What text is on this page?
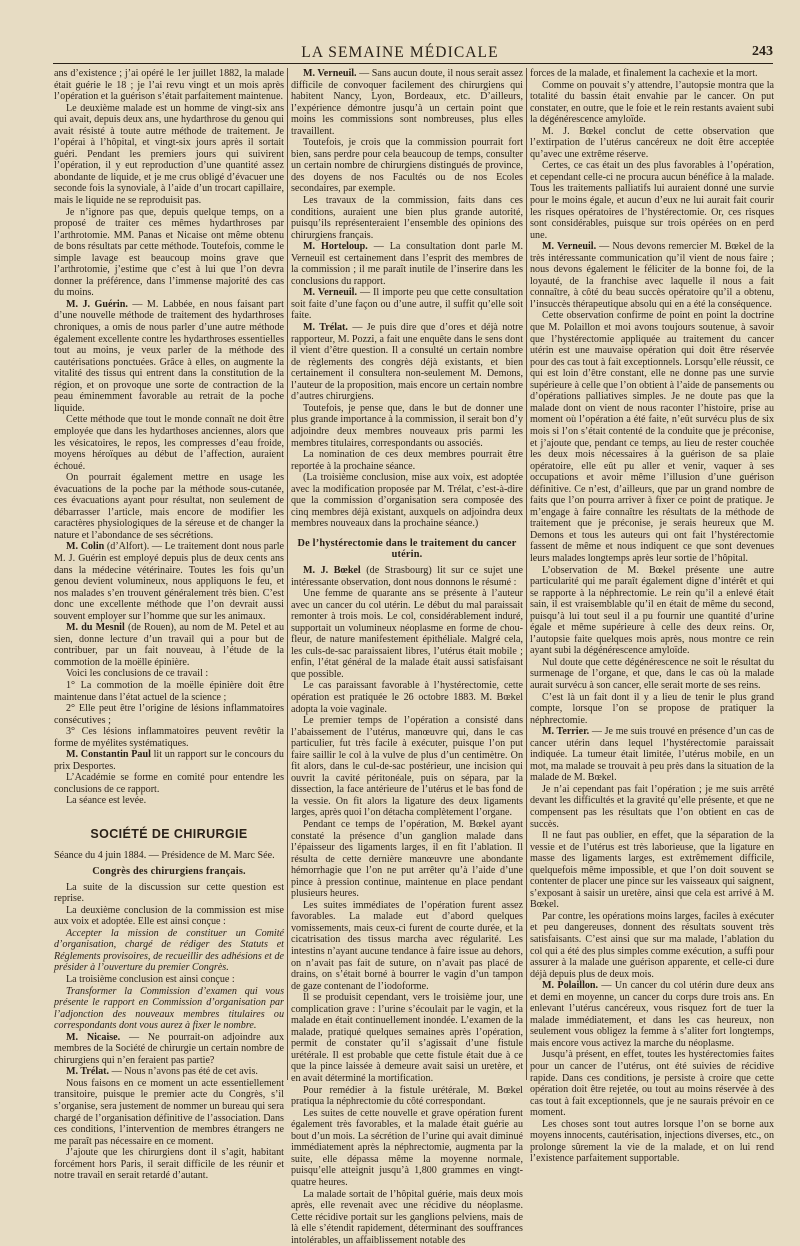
LA SEMAINE MÉDICALE	243

ans d’existence ; j’ai opéré le 1er juillet 1882, la malade était guérie le 18 ; je l’ai revu vingt et un mois après l’opération et la guérison s’était parfaitement maintenue.

Le deuxième malade est un homme de vingt-six ans qui avait, depuis deux ans, une hydarthrose du genou qui avait résisté à toute autre méthode de traitement. Je l’opérai à l’hôpital, et vingt-six jours après il sortait guéri. Pendant les premiers jours qui suivirent l’opération, il y eut reproduction d’une quantité assez abondante de liquide, et je me crus obligé d’évacuer une seconde fois la synoviale, à l’aide d’un trocart capillaire, mais le liquide ne se reproduisit pas.

Je n’ignore pas que, depuis quelque temps, on a proposé de traiter ces mêmes hydarthroses par l’arthrotomie. MM. Panas et Nicaise ont même obtenu de bons résultats par cette méthode. Toutefois, comme le simple lavage est beaucoup moins grave que l’arthrotomie, j’estime que c’est à lui que l’on devra donner la préférence, dans l’immense majorité des cas du moins.

M. J. Guérin. — M. Labbée, en nous faisant part d’une nouvelle méthode de traitement des hydarthroses chroniques, a omis de nous parler d’une autre méthode également excellente contre les hydarthroses essentielles tout au moins, je veux parler de la méthode des cautérisations ponctuées. Grâce à elles, on augmente la vitalité des tissus qui entrent dans la constitution de la région, et on provoque une sorte de contraction de la peau éminemment favorable au retrait de la poche liquide.

Cette méthode que tout le monde connaît ne doit être employée que dans les hydarthoses anciennes, alors que les vésicatoires, le repos, les compresses d’eau froide, moyens héroïques au début de l’affection, auraient échoué.

On pourrait également mettre en usage les évacuations de la poche par la méthode sous-cutanée, ces évacuations ayant pour résultat, non seulement de débarrasser l’article, mais encore de modifier les caractères physiologiques de la séreuse et de changer la nature et l’abondance de ses sécrétions.

M. Colin (d’Alfort). — Le traitement dont nous parle M. J. Guérin est employé depuis plus de deux cents ans dans la médecine vétérinaire. Toutes les fois qu’un genou devient volumineux, nous appliquons le feu, et nos malades s’en trouvent généralement très bien. C’est donc une excellente méthode que l’on devrait aussi souvent employer sur l’homme que sur les animaux.

M. du Mesnil (de Rouen), au nom de M. Petel et au sien, donne lecture d’un travail qui a pour but de contribuer, par un fait nouveau, à l’étude de la commotion de la moëlle épinière.

Voici les conclusions de ce travail :

1° La commotion de la moëlle épinière doit être maintenue dans l’état actuel de la science ;

2° Elle peut être l’origine de lésions inflammatoires consécutives ;

3° Ces lésions inflammatoires peuvent revêtir la forme de myélites systématiques.

M. Constantin Paul lit un rapport sur le concours du prix Desportes.

L’Académie se forme en comité pour entendre les conclusions de ce rapport.

La séance est levée.

SOCIÉTÉ DE CHIRURGIE

Séance du 4 juin 1884. — Présidence de M. Marc Sée.

Congrès des chirurgiens français.

La suite de la discussion sur cette question est reprise.

La deuxième conclusion de la commission est mise aux voix et adoptée. Elle est ainsi conçue :

Accepter la mission de constituer un Comité d’organisation, chargé de rédiger des Statuts et Réglements provisoires, de recueillir des adhésions et de présider à l’ouverture du premier Congrès.

La troisième conclusion est ainsi conçue :

Transformer la Commission d’examen qui vous présente le rapport en Commission d’organisation par l’adjonction des nouveaux membres titulaires ou correspondants dont vous aurez à fixer le nombre.

M. Nicaise. — Ne pourrait-on adjoindre aux membres de la Société de chirurgie un certain nombre de chirurgiens qui n’en feraient pas partie?

M. Trélat. — Nous n’avons pas été de cet avis.

Nous faisons en ce moment un acte essentiellement transitoire, puisque le premier acte du Congrès, s’il s’organise, sera justement de nommer un bureau qui sera chargé de l’organisation définitive de l’association. Dans ces conditions, l’intervention de membres étrangers ne me paraît pas nécessaire en ce moment.

J’ajoute que les chirurgiens dont il s’agit, habitant forcément hors Paris, il serait difficile de les réunir et notre travail en serait retardé d’autant.

M. Verneuil. — Sans aucun doute, il nous serait assez difficile de convoquer facilement des chirurgiens qui habitent Nancy, Lyon, Bordeaux, etc. D’ailleurs, l’expérience démontre jusqu’à un certain point que moins les commissions sont nombreuses, plus elles travaillent.

Toutefois, je crois que la commission pourrait fort bien, sans perdre pour cela beaucoup de temps, consulter un certain nombre de chirurgiens distingués de province, des doyens de nos Facultés ou de nos Ecoles secondaires, par exemple.

Les travaux de la commission, faits dans ces conditions, auraient une bien plus grande autorité, puisqu’ils représenteraient l’ensemble des opinions des chirurgiens français.

M. Horteloup. — La consultation dont parle M. Verneuil est certainement dans l’esprit des membres de la commission ; il me paraît inutile de l’inserire dans les conclusions du rapport.

M. Verneuil. — Il importe peu que cette consultation soit faite d’une façon ou d’une autre, il suffit qu’elle soit faite.

M. Trélat. — Je puis dire que d’ores et déjà notre rapporteur, M. Pozzi, a fait une enquête dans le sens dont il vient d’être question. Il a consulté un certain nombre de règlements des congrès déjà existants, et bien certainement il consultera non-seulement M. Demons, l’auteur de la proposition, mais encore un certain nombre d’autres chirurgiens.

Toutefois, je pense que, dans le but de donner une plus grande importance à la commission, il serait bon d’y adjoindre deux membres nouveaux pris parmi les membres titulaires, correspondants ou associés.

La nomination de ces deux membres pourrait être reportée à la prochaine séance.

(La troisième conclusion, mise aux voix, est adoptée avec la modification proposée par M. Trélat, c’est-à-dire que la commission d’organisation sera composée des cinq membres déjà existant, auxquels on adjoindra deux membres nouveaux dans la prochaine séance.)

De l’hystérectomie dans le traitement du cancer utérin.

M. J. Bœkel (de Strasbourg) lit sur ce sujet une intéressante observation, dont nous donnons le résumé :

Une femme de quarante ans se présente à l’auteur avec un cancer du col utérin. Le début du mal paraissait remonter à trois mois. Le col, considérablement induré, supportait un volumineux néoplasme en forme de chou-fleur, de nature manifestement épithéliale. Malgré cela, les culs-de-sac paraissaient libres, l’utérus était mobile ; enfin, l’état général de la malade était aussi satisfaisant que possible.

Le cas paraissant favorable à l’hystérectomie, cette opération est pratiquée le 26 octobre 1883. M. Bœkel adopta la voie vaginale.

Le premier temps de l’opération a consisté dans l’abaissement de l’utérus, manœuvre qui, dans le cas particulier, fut très facile à exécuter, puisque l’on put faire saillir le col à la vulve de plus d’un centimètre. On fit alors, dans le cul-de-sac postérieur, une incision qui ouvrit la cavité péritonéale, puis on sépara, par la dissection, la face antérieure de l’utérus et le bas fond de la vessie. On fit alors la ligature des deux ligaments larges, après quoi l’on détacha complètement l’organe.

Pendant ce temps de l’opération, M. Bœkel ayant constaté la présence d’un ganglion malade dans l’épaisseur des ligaments larges, il en fit l’ablation. Il résulta de cette dernière manœuvre une abondante hémorrhagie que l’on ne put arrêter qu’à l’aide d’une pince à pression continue, maintenue en place pendant plusieurs heures.

Les suites immédiates de l’opération furent assez favorables. La malade eut d’abord quelques vomissements, mais ceux-ci furent de courte durée, et la cicatrisation des tissus marcha avec régularité. Les intestins n’ayant aucune tendance à faire issue au dehors, on n’avait pas fait de suture, on n’avait pas placé de drains, on s’était borné à bourrer le vagin d’un tampon de gaze contenant de l’iodoforme.

Il se produisit cependant, vers le troisième jour, une complication grave : l’urine s’écoulait par le vagin, et la malade en était continuellement inondée. L’examen de la malade, pratiqué quelques semaines après l’opération, permit de constater qu’il s’agissait d’une fistule urétérale. Il est probable que cette fistule était due à ce que la pince laissée à demeure avait saisi un uretère, et en avait déterminé la mortification.

Pour remédier à la fistule urétérale, M. Bœkel pratiqua la néphrectomie du côté correspondant.

Les suites de cette nouvelle et grave opération furent également très favorables, et la malade était guérie au bout d’un mois. La sécrétion de l’urine qui avait diminué immédiatement après la néphrectomie, augmenta par la suite, elle dépassa même la moyenne normale, puisqu’elle atteignit jusqu’à 1,800 grammes en vingt-quatre heures.

La malade sortait de l’hôpital guérie, mais deux mois après, elle revenait avec une récidive du néoplasme. Cette récidive portait sur les ganglions pelviens, mais de là elle s’étendit rapidement, déterminant des souffrances intolérables, un affaiblissement notable des

forces de la malade, et finalement la cachexie et la mort.

Comme on pouvait s’y attendre, l’autopsie montra que la totalité du bassin était envahie par le cancer. On put constater, en outre, que le foie et le rein restants avaient subi la dégénérescence amyloïde.

M. J. Bœkel conclut de cette observation que l’extirpation de l’utérus cancéreux ne doit être acceptée qu’avec une extrême réserve.

Certes, ce cas était un des plus favorables à l’opération, et cependant celle-ci ne procura aucun bénéfice à la malade. Tous les traitements palliatifs lui auraient donné une survie pour le moins égale, et aucun d’eux ne lui aurait fait courir les risques opératoires de l’hystérectomie. Or, ces risques sont considérables, puisque sur trois opérées on en perd une.

M. Verneuil. — Nous devons remercier M. Bœkel de la très intéressante communication qu’il vient de nous faire ; nous devons également le féliciter de la bonne foi, de la loyauté, de la franchise avec laquelle il nous a fait connaître, à côté du beau succès opératoire qu’il a obtenu, l’insuccès thérapeutique absolu qui en a été la conséquence.

Cette observation confirme de point en point la doctrine que M. Polaillon et moi avons toujours soutenue, à savoir que l’hystérectomie appliquée au traitement du cancer utérin est une mauvaise opération qui doit être réservée pour des cas tout à fait exceptionnels. Lorsqu’elle réussit, ce qui est loin d’être constant, elle ne donne pas une survie supérieure à celle que l’on obtient à l’aide de pansements ou d’opérations palliatives simples. Je ne doute pas que la malade dont on vient de nous raconter l’histoire, prise au moment où l’opération a été faite, n’eût survécu plus de six mois si l’on s’était contenté de la conduite que je préconise, et j’ajoute que, pendant ce temps, au lieu de rester couchée les deux mois nécessaires à la guérison de sa plaie opératoire, elle eût pu aller et venir, vaquer à ses occupations et avoir même l’illusion d’une guérison définitive. Ce n’est, d’ailleurs, que par un grand nombre de faits que l’on pourra arriver à fixer ce point de pratique. Je m’engage à faire connaître les résultats de la méthode de traitement que je préconise, je serais heureux que M. Demons et tous les auteurs qui ont fait l’hystérectomie fassent de même et nous indiquent ce que sont devenues leurs malades longtemps après leur sortie de l’hôpital.

L’observation de M. Bœkel présente une autre particularité qui me paraît également digne d’intérêt et qui se rapporte à la néphrectomie. Le rein qu’il a enlevé était sain, il est vraisemblable qu’il en était de même du second, puisqu’à lui tout seul il a pu fournir une quantité d’urine égale et même supérieure à celle des deux reins. Or, l’autopsie faite quelques mois après, nous montre ce rein ayant subi la dégénérescence amyloïde.

Nul doute que cette dégénérescence ne soit le résultat du surmenage de l’organe, et que, dans le cas où la malade aurait survécu à son cancer, elle serait morte de ses reins.

C’est là un fait dont il y a lieu de tenir le plus grand compte, lorsque l’on se propose de pratiquer la néphrectomie.

M. Terrier. — Je me suis trouvé en présence d’un cas de cancer utérin dans lequel l’hystérectomie paraissait indiquée. La tumeur était limitée, l’utérus mobile, en un mot, ma malade se trouvait à peu près dans la situation de la malade de M. Bœkel.

Je n’ai cependant pas fait l’opération ; je me suis arrêté devant les difficultés et la gravité qu’elle présente, et que ne compensent pas les résultats que l’on obtient en cas de succès.

Il ne faut pas oublier, en effet, que la séparation de la vessie et de l’utérus est très laborieuse, que la ligature en masse des ligaments larges, est extrêmement difficile, quelquefois même impossible, et que l’on doit souvent se contenter de placer une pince sur les vaisseaux qui saignent, s’exposant à saisir un uretère, ainsi que cela est arrivé à M. Bœkel.

Par contre, les opérations moins larges, faciles à exécuter et peu dangereuses, donnent des résultats souvent très satisfaisants. C’est ainsi que sur ma malade, l’ablation du col qui a été des plus simples comme exécution, a suffi pour assurer à la malade une guérison apparente, et celle-ci dure déjà depuis plus de deux mois.

M. Polaillon. — Un cancer du col utérin dure deux ans et demi en moyenne, un cancer du corps dure trois ans. En enlevant l’utérus cancéreux, vous risquez fort de tuer la malade immédiatement, et dans les cas heureux, non seulement vous obligez la femme à s’aliter fort longtemps, mais encore vous activez la marche du néoplasme.

Jusqu’à présent, en effet, toutes les hystérectomies faites pour un cancer de l’utérus, ont été suivies de récidive rapide. Dans ces conditions, je persiste à croire que cette opération doit être rejetée, ou tout au moins réservée à des cas tout à fait exceptionnels, que je ne saurais prévoir en ce moment.

Les choses sont tout autres lorsque l’on se borne aux moyens innocents, cautérisation, injections diverses, etc., on prolonge sûrement la vie de la malade, et on lui rend l’existence parfaitement supportable.
